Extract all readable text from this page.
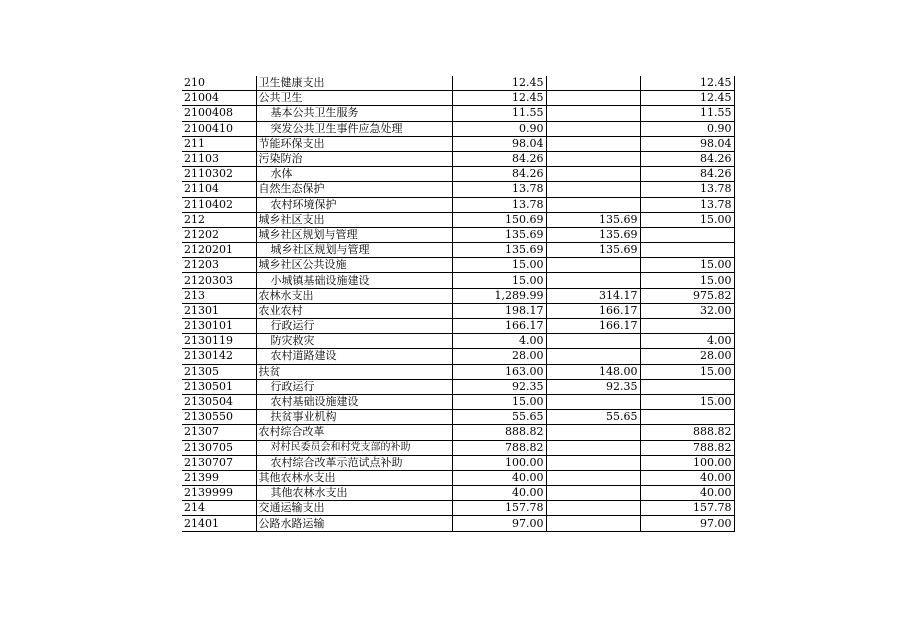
210	卫生健康支出	12.45		12.45
21004	公共卫生	12.45		12.45
2100408	基本公共卫生服务	11.55		11.55
2100410	突发公共卫生事件应急处理	0.90		0.90
211	节能环保支出	98.04		98.04
21103	污染防治	84.26		84.26
2110302	水体	84.26		84.26
21104	自然生态保护	13.78		13.78
2110402	农村环境保护	13.78		13.78
212	城乡社区支出	150.69	135.69	15.00
21202	城乡社区规划与管理	135.69	135.69	
2120201	城乡社区规划与管理	135.69	135.69	
21203	城乡社区公共设施	15.00		15.00
2120303	小城镇基础设施建设	15.00		15.00
213	农林水支出	1,289.99	314.17	975.82
21301	农业农村	198.17	166.17	32.00
2130101	行政运行	166.17	166.17	
2130119	防灾救灾	4.00		4.00
2130142	农村道路建设	28.00		28.00
21305	扶贫	163.00	148.00	15.00
2130501	行政运行	92.35	92.35	
2130504	农村基础设施建设	15.00		15.00
2130550	扶贫事业机构	55.65	55.65	
21307	农村综合改革	888.82		888.82
2130705	对村民委员会和村党支部的补助	788.82		788.82
2130707	农村综合改革示范试点补助	100.00		100.00
21399	其他农林水支出	40.00		40.00
2139999	其他农林水支出	40.00		40.00
214	交通运输支出	157.78		157.78
21401	公路水路运输	97.00		97.00
